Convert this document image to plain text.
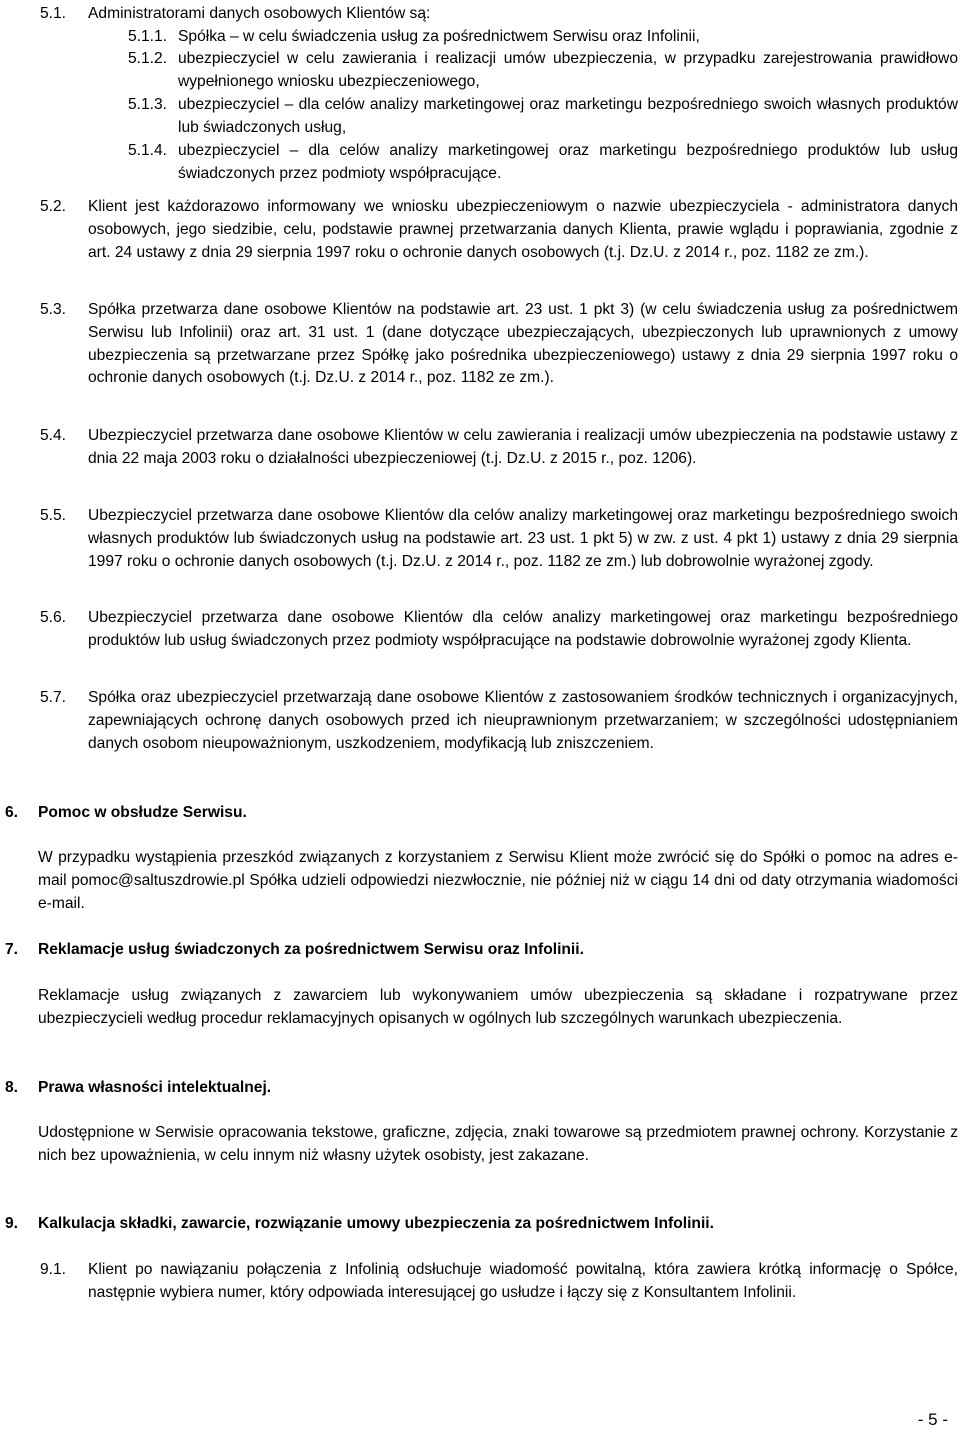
5.1.	Administratorami danych osobowych Klientów są:
5.1.1. Spółka – w celu świadczenia usług za pośrednictwem Serwisu oraz Infolinii,
5.1.2. ubezpieczyciel w celu zawierania i realizacji umów ubezpieczenia, w przypadku zarejestrowania prawidłowo wypełnionego wniosku ubezpieczeniowego,
5.1.3. ubezpieczyciel – dla celów analizy marketingowej oraz marketingu bezpośredniego swoich własnych produktów lub świadczonych usług,
5.1.4. ubezpieczyciel – dla celów analizy marketingowej oraz marketingu bezpośredniego produktów lub usług świadczonych przez podmioty współpracujące.
5.2.	Klient jest każdorazowo informowany we wniosku ubezpieczeniowym o nazwie ubezpieczyciela - administratora danych osobowych, jego siedzibie, celu, podstawie prawnej przetwarzania danych Klienta, prawie wglądu i poprawiania, zgodnie z art. 24 ustawy z dnia 29 sierpnia 1997 roku o ochronie danych osobowych (t.j. Dz.U. z 2014 r., poz. 1182 ze zm.).
5.3.	Spółka przetwarza dane osobowe Klientów na podstawie art. 23 ust. 1 pkt 3) (w celu świadczenia usług za pośrednictwem Serwisu lub Infolinii) oraz art. 31 ust. 1 (dane dotyczące ubezpieczających, ubezpieczonych lub uprawnionych z umowy ubezpieczenia są przetwarzane przez Spółkę jako pośrednika ubezpieczeniowego) ustawy z dnia 29 sierpnia 1997 roku o ochronie danych osobowych (t.j. Dz.U. z 2014 r., poz. 1182 ze zm.).
5.4.	Ubezpieczyciel przetwarza dane osobowe Klientów w celu zawierania i realizacji umów ubezpieczenia na podstawie ustawy z dnia 22 maja 2003 roku o działalności ubezpieczeniowej (t.j. Dz.U. z 2015 r., poz. 1206).
5.5.	Ubezpieczyciel przetwarza dane osobowe Klientów dla celów analizy marketingowej oraz marketingu bezpośredniego swoich własnych produktów lub świadczonych usług na podstawie art. 23 ust. 1 pkt 5) w zw. z ust. 4 pkt 1) ustawy z dnia 29 sierpnia 1997 roku o ochronie danych osobowych (t.j. Dz.U. z 2014 r., poz. 1182 ze zm.) lub dobrowolnie wyrażonej zgody.
5.6.	Ubezpieczyciel przetwarza dane osobowe Klientów dla celów analizy marketingowej oraz marketingu bezpośredniego produktów lub usług świadczonych przez podmioty współpracujące na podstawie dobrowolnie wyrażonej zgody Klienta.
5.7.	Spółka oraz ubezpieczyciel przetwarzają dane osobowe Klientów z zastosowaniem środków technicznych i organizacyjnych, zapewniających ochronę danych osobowych przed ich nieuprawnionym przetwarzaniem; w szczególności udostępnianiem danych osobom nieupoważnionym, uszkodzeniem, modyfikacją lub zniszczeniem.
6.	Pomoc w obsłudze Serwisu.
W przypadku wystąpienia przeszkód związanych z korzystaniem z Serwisu Klient może zwrócić się do Spółki o pomoc na adres e-mail pomoc@saltuszdrowie.pl Spółka udzieli odpowiedzi niezwłocznie, nie później niż w ciągu 14 dni od daty otrzymania wiadomości e-mail.
7.	Reklamacje usług świadczonych za pośrednictwem Serwisu oraz Infolinii.
Reklamacje usług związanych z zawarciem lub wykonywaniem umów ubezpieczenia są składane i rozpatrywane przez ubezpieczycieli według procedur reklamacyjnych opisanych w ogólnych lub szczególnych warunkach ubezpieczenia.
8.	Prawa własności intelektualnej.
Udostępnione w Serwisie opracowania tekstowe, graficzne, zdjęcia, znaki towarowe są przedmiotem prawnej ochrony. Korzystanie z nich bez upoważnienia, w celu innym niż własny użytek osobisty, jest zakazane.
9.	Kalkulacja składki, zawarcie, rozwiązanie umowy ubezpieczenia za pośrednictwem Infolinii.
9.1.	Klient po nawiązaniu połączenia z Infolinią odsłuchuje wiadomość powitalną, która zawiera krótką informację o Spółce, następnie wybiera numer, który odpowiada interesującej go usłudze i łączy się z Konsultantem Infolinii.
- 5 -
